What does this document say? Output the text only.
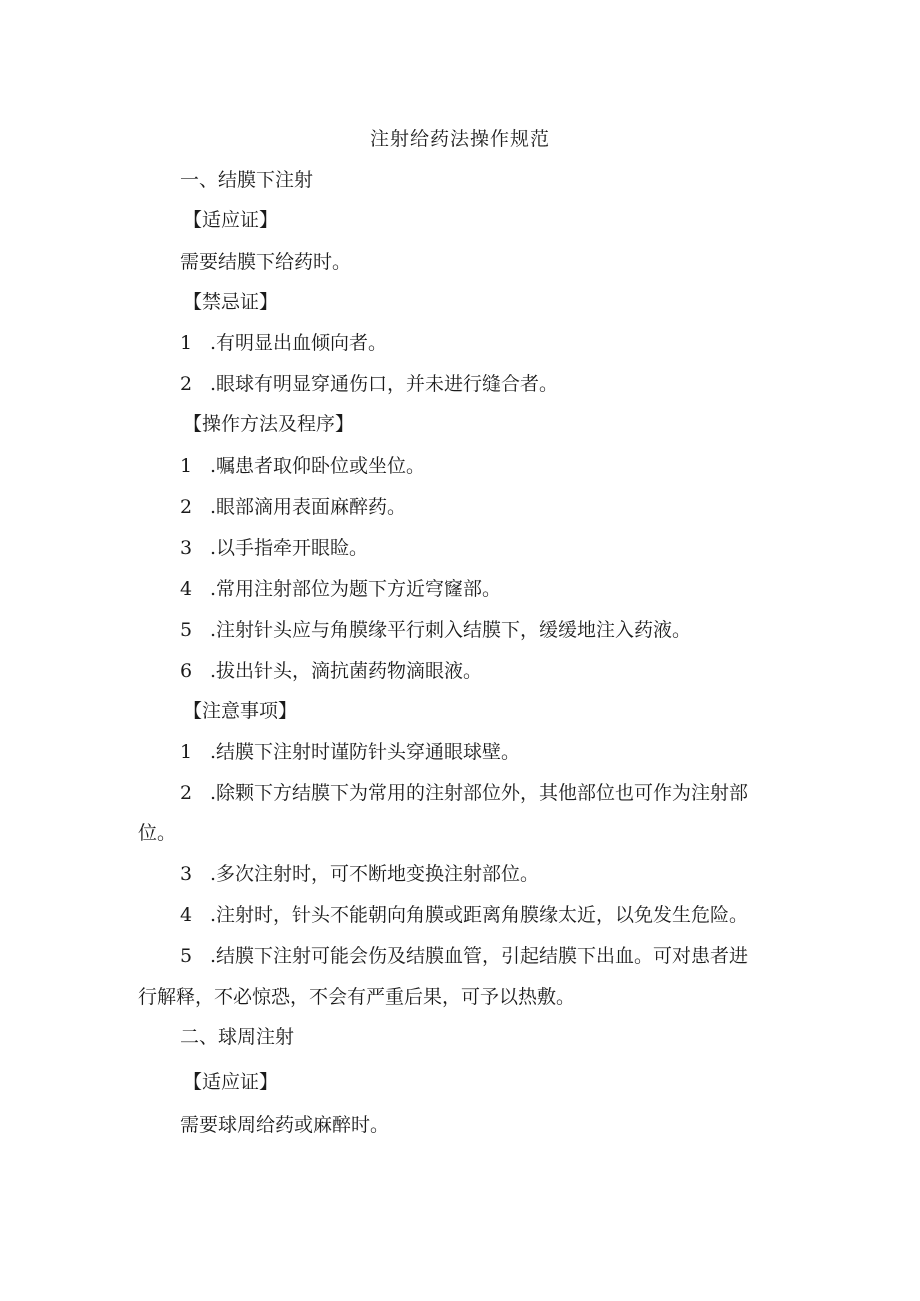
注射给药法操作规范

一、结膜下注射

【适应证】

需要结膜下给药时。

【禁忌证】

1 .有明显出血倾向者。

2 .眼球有明显穿通伤口，并未进行缝合者。

【操作方法及程序】

1 .嘱患者取仰卧位或坐位。

2 .眼部滴用表面麻醉药。

3 .以手指牵开眼睑。

4 .常用注射部位为题下方近穹窿部。

5 .注射针头应与角膜缘平行刺入结膜下，缓缓地注入药液。

6 .拔出针头，滴抗菌药物滴眼液。

【注意事项】

1 .结膜下注射时谨防针头穿通眼球壁。

2 .除颗下方结膜下为常用的注射部位外，其他部位也可作为注射部

位。

3 .多次注射时，可不断地变换注射部位。

4 .注射时，针头不能朝向角膜或距离角膜缘太近，以免发生危险。

5 .结膜下注射可能会伤及结膜血管，引起结膜下出血。可对患者进

行解释，不必惊恐，不会有严重后果，可予以热敷。

二、球周注射

【适应证】

需要球周给药或麻醉时。
